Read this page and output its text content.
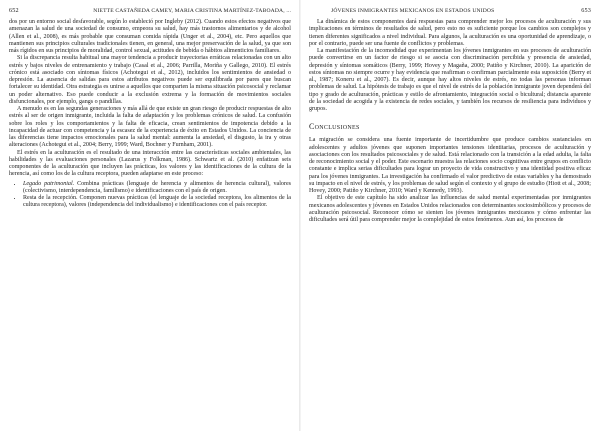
652	NIETTE CASTAÑEDA CAMEY, MARIA CRISTINA MARTÍNEZ-TABOADA, ...

dos por un entorno social desfavorable, según lo estableció por Ingleby (2012). Cuando estos efectos negativos que amenazan la salud de una sociedad de consumo, empeora su salud, hay más trastornos alimentarios y de alcohol (Allen et al., 2008), es más probable que consuman comida rápida (Unger et al., 2004), etc. Pero aquellos que mantienen sus principios culturales tradicionales tienen, en general, una mejor preservación de la salud, ya que son más rígidos en sus principios de moralidad, control sexual, actitudes de bebida o hábitos alimenticios familiares.

Si la discrepancia resulta habitual una mayor tendencia a producir trayectorias erráticas relacionadas con un alto estrés y bajos niveles de entrenamiento y trabajo (Casal et al., 2006; Parrilla, Moriña y Gallego, 2010). El estrés crónico está asociado con síntomas físicos (Achotegui et al., 2012), incluidos los sentimientos de ansiedad o depresión. La ausencia de salidas para estos atributos negativos puede ser equilibrada por pares que buscan fortalecer su identidad. Otra estrategia es unirse a aquellos que comparten la misma situación psicosocial y reclamar un poder alternativo. Eso puede conducir a la exclusión extrema y la formación de movimientos sociales disfuncionales, por ejemplo, gangs o pandillas.

A menudo es en las segundas generaciones y más allá de que existe un gran riesgo de producir respuestas de alto estrés al ser de origen inmigrante, incluida la falta de adaptación y los problemas crónicos de salud. La confusión sobre los roles y los comportamientos y la falta de eficacia, crean sentimientos de impotencia debido a la incapacidad de actuar con competencia y la escasez de la experiencia de éxito en Estados Unidos. La conciencia de las diferencias tiene impactos emocionales para la salud mental: aumenta la ansiedad, el disgusto, la ira y otras alteraciones (Achotegui et al., 2004; Berry, 1999; Ward, Bochner y Furnham, 2001).

El estrés en la aculturación es el resultado de una interacción entre las características sociales ambientales, las habilidades y las evaluaciones personales (Lazarus y Folkman, 1986). Schwartz et al. (2010) enfatizan seis componentes de la aculturación que incluyen las prácticas, los valores y las identificaciones de la cultura de la herencia, así como los de la cultura receptora, pueden adaptarse en este proceso:

• Legado patrimonial. Combina prácticas (lenguaje de herencia y alimentos de herencia cultural), valores (colectivismo, interdependencia, familismo) e identificaciones con el país de origen.
• Resta de la recepción. Componen nuevas prácticas (el lenguaje de la sociedad receptora, los alimentos de la cultura receptora), valores (independencia del individualismo) e identificaciones con el país receptor.
JÓVENES INMIGRANTES MEXICANOS EN ESTADOS UNIDOS	653

La dinámica de estos componentes dará respuestas para comprender mejor los procesos de aculturación y sus implicaciones en términos de resultados de salud, pero esto no es suficiente porque los cambios son complejos y tienen diferentes significados a nivel individual. Para algunos, la aculturación es una oportunidad de aprendizaje, o por el contrario, puede ser una fuente de conflictos y problemas.

La manifestación de la incomodidad que experimentan los jóvenes inmigrantes en sus procesos de aculturación puede convertirse en un factor de riesgo si se asocia con discriminación percibida y presencia de ansiedad, depresión y síntomas somáticos (Berry, 1999; Hovey y Magaña, 2000; Patiño y Kirchner, 2010). La aparición de estos síntomas no siempre ocurre y hay evidencia que reafirman o confirman parcialmente esta suposición (Berry et al., 1987; Koneru et al., 2007). Es decir, aunque hay altos niveles de estrés, no todas las personas informan problemas de salud. La hipótesis de trabajo es que el nivel de estrés de la población inmigrante joven dependerá del tipo y grado de aculturación, prácticas y estilo de afrontamiento, integración social o bicultural; distancia aparente de la sociedad de acogida y la existencia de redes sociales, y también los recursos de resiliencia para individuos y grupos.

Conclusiones

La migración se considera una fuente importante de incertidumbre que produce cambios sustanciales en adolescentes y adultos jóvenes que suponen importantes tensiones identitarias, procesos de aculturación y asociaciones con los resultados psicosociales y de salud. Está relacionado con la transición a la edad adulta, la falta de reconocimiento social y el poder. Este escenario muestra las relaciones socio cognitivas entre grupos en conflicto constante e implica serias dificultades para lograr un proyecto de vida constructivo y una identidad positiva eficaz para los jóvenes inmigrantes. La investigación ha confirmado el valor predictivo de estas variables y ha demostrado su impacto en el nivel de estrés, y los problemas de salud según el contexto y el grupo de estudio (Hiott et al., 2008; Hovey, 2000; Patiño y Kirchner, 2010; Ward y Kennedy, 1993).

El objetivo de este capítulo ha sido analizar las influencias de salud mental experimentadas por inmigrantes mexicanos adolescentes y jóvenes en Estados Unidos relacionados con determinantes sociosimbólicos y procesos de aculturación psicosocial. Reconocer cómo se sienten los jóvenes inmigrantes mexicanos y cómo enfrentar las dificultades será útil para comprender mejor la complejidad de estos fenómenos. Aun así, los procesos de
